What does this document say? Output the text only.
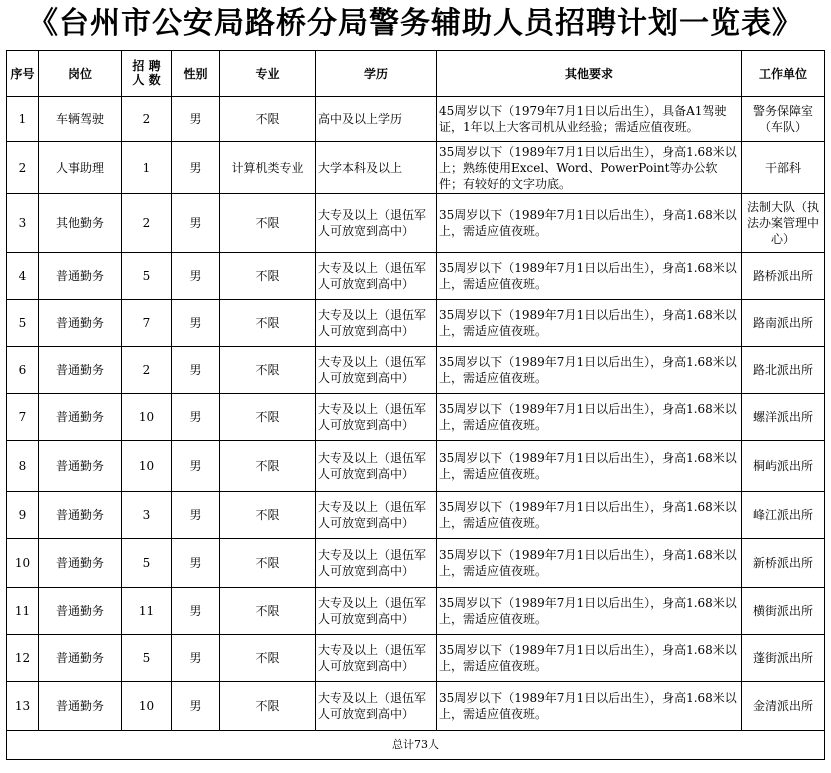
《台州市公安局路桥分局警务辅助人员招聘计划一览表》
序号	岗位	招 聘 人 数	性别	专业	学历	其他要求	工作单位
1	车辆驾驶	2	男	不限	高中及以上学历	45周岁以下（1979年7月1日以后出生），具备A1驾驶证，1年以上大客司机从业经验；需适应值夜班。	警务保障室（车队）
2	人事助理	1	男	计算机类专业	大学本科及以上	35周岁以下（1989年7月1日以后出生），身高1.68米以上；熟练使用Excel、Word、PowerPoint等办公软件；有较好的文字功底。	干部科
3	其他勤务	2	男	不限	大专及以上（退伍军人可放宽到高中）	35周岁以下（1989年7月1日以后出生），身高1.68米以上，需适应值夜班。	法制大队（执法办案管理中心）
4	普通勤务	5	男	不限	大专及以上（退伍军人可放宽到高中）	35周岁以下（1989年7月1日以后出生），身高1.68米以上，需适应值夜班。	路桥派出所
5	普通勤务	7	男	不限	大专及以上（退伍军人可放宽到高中）	35周岁以下（1989年7月1日以后出生），身高1.68米以上，需适应值夜班。	路南派出所
6	普通勤务	2	男	不限	大专及以上（退伍军人可放宽到高中）	35周岁以下（1989年7月1日以后出生），身高1.68米以上，需适应值夜班。	路北派出所
7	普通勤务	10	男	不限	大专及以上（退伍军人可放宽到高中）	35周岁以下（1989年7月1日以后出生），身高1.68米以上，需适应值夜班。	螺洋派出所
8	普通勤务	10	男	不限	大专及以上（退伍军人可放宽到高中）	35周岁以下（1989年7月1日以后出生），身高1.68米以上，需适应值夜班。	桐屿派出所
9	普通勤务	3	男	不限	大专及以上（退伍军人可放宽到高中）	35周岁以下（1989年7月1日以后出生），身高1.68米以上，需适应值夜班。	峰江派出所
10	普通勤务	5	男	不限	大专及以上（退伍军人可放宽到高中）	35周岁以下（1989年7月1日以后出生），身高1.68米以上，需适应值夜班。	新桥派出所
11	普通勤务	11	男	不限	大专及以上（退伍军人可放宽到高中）	35周岁以下（1989年7月1日以后出生），身高1.68米以上，需适应值夜班。	横街派出所
12	普通勤务	5	男	不限	大专及以上（退伍军人可放宽到高中）	35周岁以下（1989年7月1日以后出生），身高1.68米以上，需适应值夜班。	蓬街派出所
13	普通勤务	10	男	不限	大专及以上（退伍军人可放宽到高中）	35周岁以下（1989年7月1日以后出生），身高1.68米以上，需适应值夜班。	金清派出所
总计73人							
